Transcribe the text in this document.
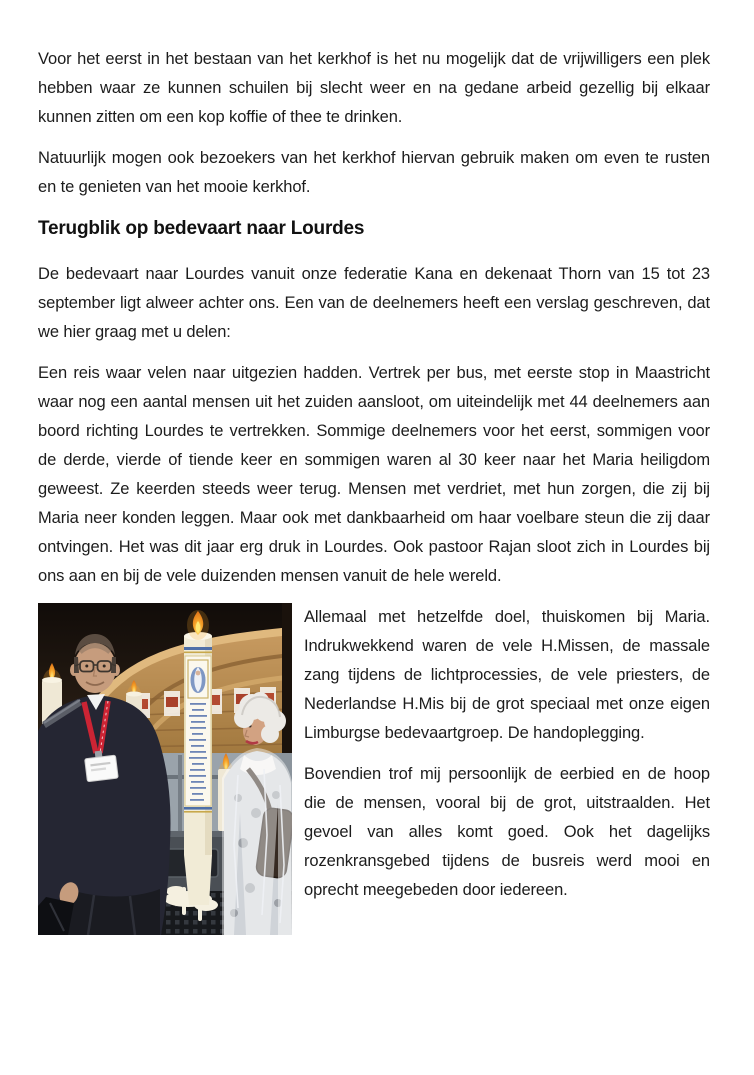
Voor het eerst in het bestaan van het kerkhof is het nu mogelijk dat de vrijwilligers een plek hebben waar ze kunnen schuilen bij slecht weer en na gedane arbeid gezellig bij elkaar kunnen zitten om een kop koffie of thee te drinken.

Natuurlijk mogen ook bezoekers van het kerkhof hiervan gebruik maken om even te rusten en te genieten van het mooie kerkhof.

Terugblik op bedevaart naar Lourdes

De bedevaart naar Lourdes vanuit onze federatie Kana en dekenaat Thorn van 15 tot 23 september ligt alweer achter ons. Een van de deelnemers heeft een verslag geschreven, dat we hier graag met u delen:

Een reis waar velen naar uitgezien hadden. Vertrek per bus, met eerste stop in Maastricht waar nog een aantal mensen uit het zuiden aansloot, om uiteindelijk met 44 deelnemers aan boord richting Lourdes te vertrekken. Sommige deelnemers voor het eerst, sommigen voor de derde, vierde of tiende keer en sommigen waren al 30 keer naar het Maria heiligdom geweest. Ze keerden steeds weer terug. Mensen met verdriet, met hun zorgen, die zij bij Maria neer konden leggen. Maar ook met dankbaarheid om haar voelbare steun die zij daar ontvingen. Het was dit jaar erg druk in Lourdes. Ook pastoor Rajan sloot zich in Lourdes bij ons aan en bij de vele duizenden mensen vanuit de hele wereld.

Allemaal met hetzelfde doel, thuiskomen bij Maria. Indrukwekkend waren de vele H.Missen, de massale zang tijdens de lichtprocessies, de vele priesters, de Nederlandse H.Mis bij de grot speciaal met onze eigen Limburgse bedevaartgroep. De handoplegging.

Bovendien trof mij persoonlijk de eerbied en de hoop die de mensen, vooral bij de grot, uitstraalden. Het gevoel van alles komt goed. Ook het dagelijks rozenkransgebed tijdens de busreis werd mooi en oprecht meegebeden door iedereen.
